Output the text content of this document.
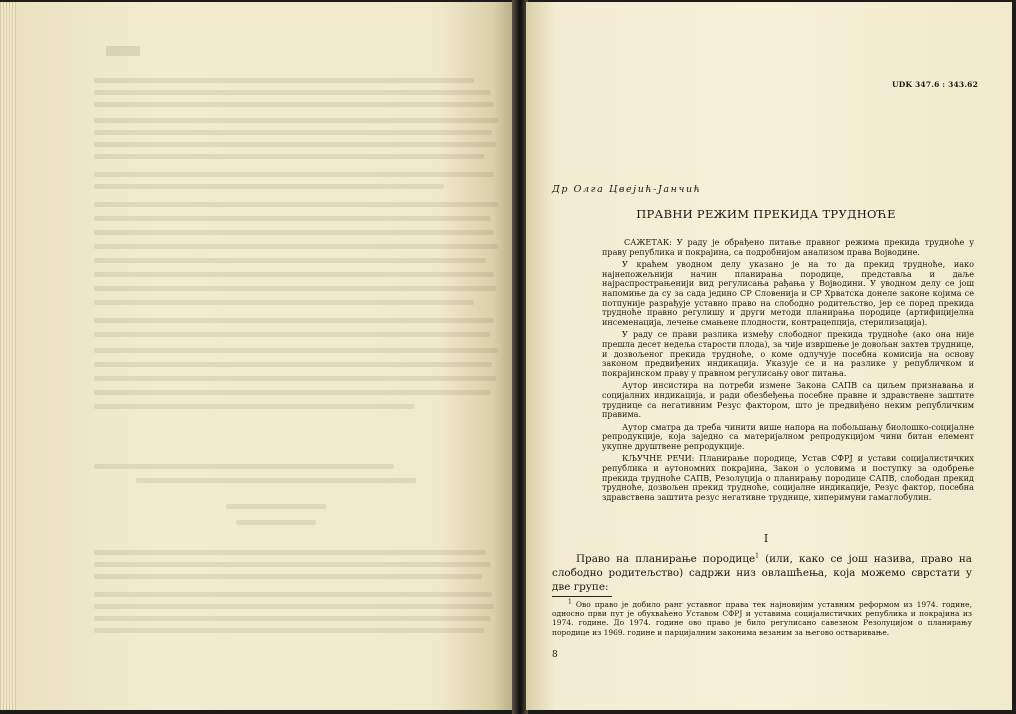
UDK 347.6 : 343.62
Др Олга Цвејић-Јанчић
ПРАВНИ РЕЖИМ ПРЕКИДА ТРУДНОЋЕ

САЖЕТАК: У раду је обрађено питање правног режима прекида трудноће у праву република и покрајина, са подробнијом анализом права Војводине.

У краћем уводном делу указано је на то да прекид трудноће, иако најнепожељнији начин планирања породице, представља и даље најраспрострањенији вид регулисања рађања у Војводини. У уводном делу се још напомиње да су за сада једино СР Словенија и СР Хрватска донеле законе којима се потпуније разрађује уставно право на слободно родитељство, јер се поред прекида трудноће правно регулишу и други методи планирања породице (артифицијелна инсеменација, лечење смањене плодности, контрацепција, стерилизација).

У раду се прави разлика између слободног прекида трудноће (ако она није прешла десет недеља старости плода), за чије извршење је довољан захтев труднице, и дозвољеног прекида трудноће, о коме одлучује посебна комисија на основу законом предвиђених индикација. Указује се и на разлике у републичком и покрајинском праву у правном регулисању овог питања.

Аутор инсистира на потреби измене Закона САПВ са циљем признавања и социјалних индикација, и ради обезбеђења посебне правне и здравствене заштите труднице са негативним Резус фактором, што је предвиђено неким републичким правима.

Аутор сматра да треба чинити више напора на побољшању биолошко-социјалне репродукције, која заједно са материјалном репродукцијом чини битан елемент укупне друштвене репродукције.

КЉУЧНЕ РЕЧИ: Планирање породице, Устав СФРЈ и устави социјалистичких република и аутономних покрајина, Закон о условима и поступку за одобрење прекида трудноће САПВ, Резолуција о планирању породице САПВ, слободан прекид трудноће, дозвољен прекид трудноће, социјалне индикације, Резус фактор, посебна здравствена заштита резус негативне труднице, хиперимуни гамаглобулин.

I

Право на планирање породице$^1$ (или, како се још назива, право на слободно родитељство) садржи низ овлашћења, која можемо сврстати у две групе:

$^1$ Ово право је добило ранг уставног права тек најновијим уставним реформом из 1974. године, односно први пут је обухваћено Уставом СФРЈ и уставима социјалистичких република и покрајина из 1974. године. До 1974. године ово право је било регулисано савезном Резолуцијом о планирању породице из 1969. године и парцијалним законима везаним за његово остваривање.

8
